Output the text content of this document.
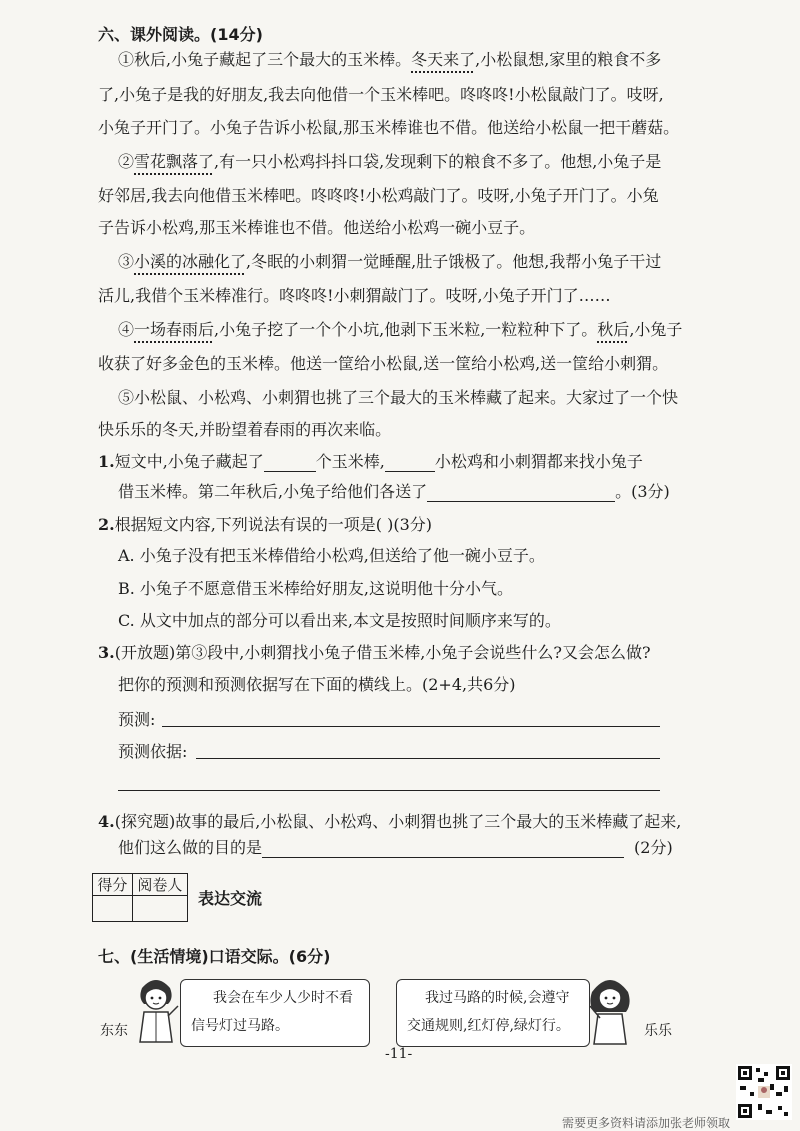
六、课外阅读。(14分)
①秋后,小兔子藏起了三个最大的玉米棒。冬天来了,小松鼠想,家里的粮食不多
了,小兔子是我的好朋友,我去向他借一个玉米棒吧。咚咚咚!小松鼠敲门了。吱呀,
小兔子开门了。小兔子告诉小松鼠,那玉米棒谁也不借。他送给小松鼠一把干蘑菇。
②雪花飘落了,有一只小松鸡抖抖口袋,发现剩下的粮食不多了。他想,小兔子是
好邻居,我去向他借玉米棒吧。咚咚咚!小松鸡敲门了。吱呀,小兔子开门了。小兔
子告诉小松鸡,那玉米棒谁也不借。他送给小松鸡一碗小豆子。
③小溪的冰融化了,冬眠的小刺猬一觉睡醒,肚子饿极了。他想,我帮小兔子干过
活儿,我借个玉米棒准行。咚咚咚!小刺猬敲门了。吱呀,小兔子开门了……
④一场春雨后,小兔子挖了一个个小坑,他剥下玉米粒,一粒粒种下了。秋后,小兔子
收获了好多金色的玉米棒。他送一筐给小松鼠,送一筐给小松鸡,送一筐给小刺猬。
⑤小松鼠、小松鸡、小刺猬也挑了三个最大的玉米棒藏了起来。大家过了一个快
快乐乐的冬天,并盼望着春雨的再次来临。
1.短文中,小兔子藏起了	个玉米棒,	小松鸡和小刺猬都来找小兔子
借玉米棒。第二年秋后,小兔子给他们各送了	。(3分)
2.根据短文内容,下列说法有误的一项是( )(3分)
A. 小兔子没有把玉米棒借给小松鸡,但送给了他一碗小豆子。
B. 小兔子不愿意借玉米棒给好朋友,这说明他十分小气。
C. 从文中加点的部分可以看出来,本文是按照时间顺序来写的。
3.(开放题)第③段中,小刺猬找小兔子借玉米棒,小兔子会说些什么?又会怎么做?
把你的预测和预测依据写在下面的横线上。(2+4,共6分)
预测:
预测依据:
4.(探究题)故事的最后,小松鼠、小松鸡、小刺猬也挑了三个最大的玉米棒藏了起来,
他们这么做的目的是	(2分)
得分	阅卷人

表达交流
七、(生活情境)口语交际。(6分)
东东
我会在车少人少时不看
信号灯过马路。
我过马路的时候,会遵守
交通规则,红灯停,绿灯行。	乐乐
-11-
需要更多资料请添加张老师领取
